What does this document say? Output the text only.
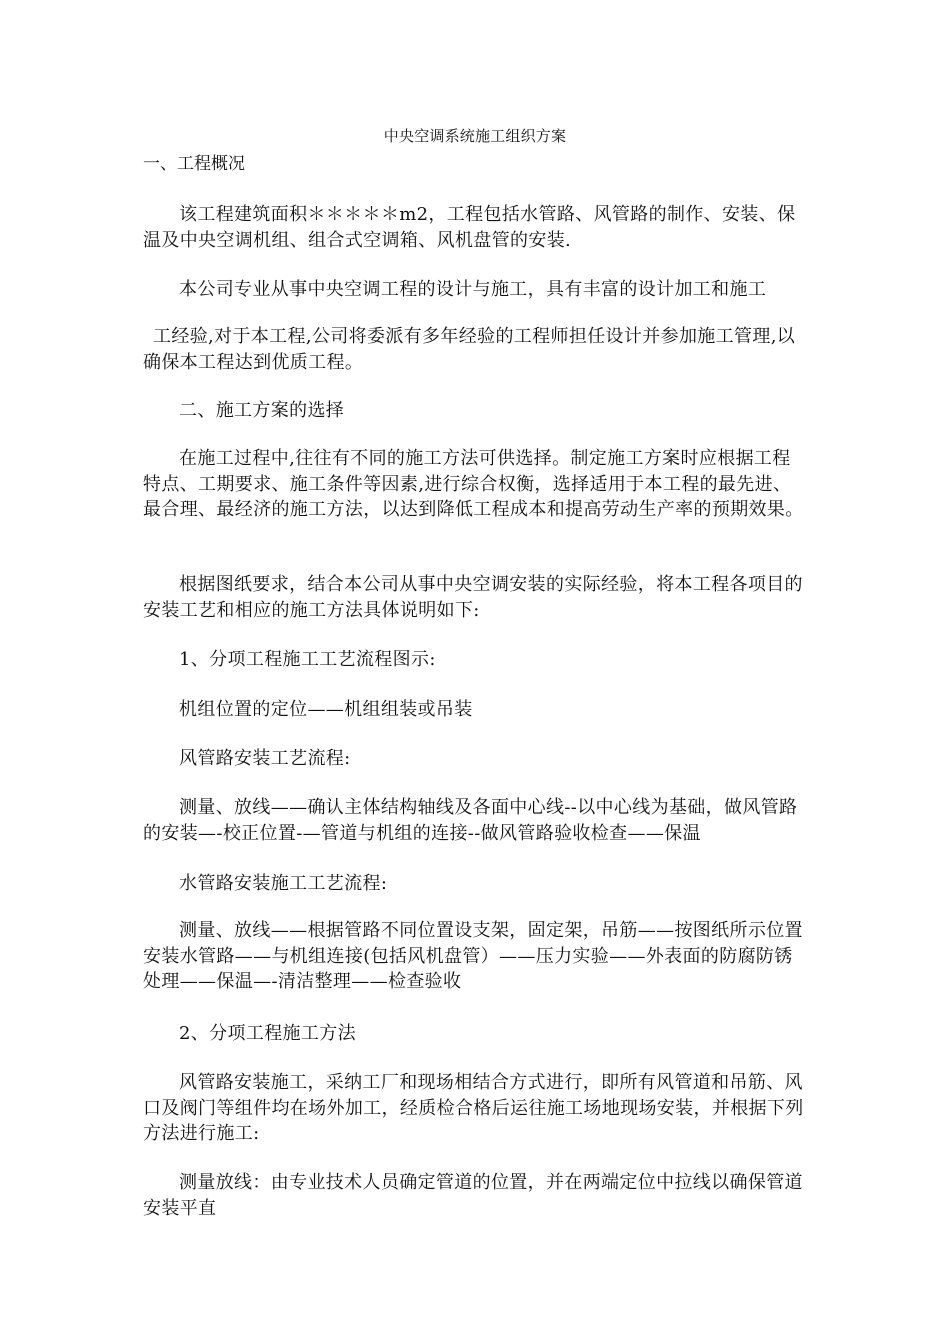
中央空调系统施工组织方案
一、工程概况

该工程建筑面积＊＊＊＊＊m2，工程包括水管路、风管路的制作、安装、保温及中央空调机组、组合式空调箱、风机盘管的安装.

本公司专业从事中央空调工程的设计与施工，具有丰富的设计加工和施工

工经验,对于本工程,公司将委派有多年经验的工程师担任设计并参加施工管理,以确保本工程达到优质工程。

二、施工方案的选择

在施工过程中,往往有不同的施工方法可供选择。制定施工方案时应根据工程特点、工期要求、施工条件等因素,进行综合权衡，选择适用于本工程的最先进、最合理、最经济的施工方法，以达到降低工程成本和提高劳动生产率的预期效果。

根据图纸要求，结合本公司从事中央空调安装的实际经验，将本工程各项目的安装工艺和相应的施工方法具体说明如下:

1、分项工程施工工艺流程图示:

机组位置的定位——机组组装或吊装

风管路安装工艺流程:

测量、放线——确认主体结构轴线及各面中心线--以中心线为基础，做风管路的安装—-校正位置-—管道与机组的连接--做风管路验收检查——保温

水管路安装施工工艺流程:

测量、放线——根据管路不同位置设支架，固定架，吊筋——按图纸所示位置安装水管路——与机组连接(包括风机盘管）——压力实验——外表面的防腐防锈处理——保温—-清洁整理——检查验收

2、分项工程施工方法

风管路安装施工，采纳工厂和现场相结合方式进行，即所有风管道和吊筋、风口及阀门等组件均在场外加工，经质检合格后运往施工场地现场安装，并根据下列方法进行施工:

测量放线：由专业技术人员确定管道的位置，并在两端定位中拉线以确保管道安装平直
